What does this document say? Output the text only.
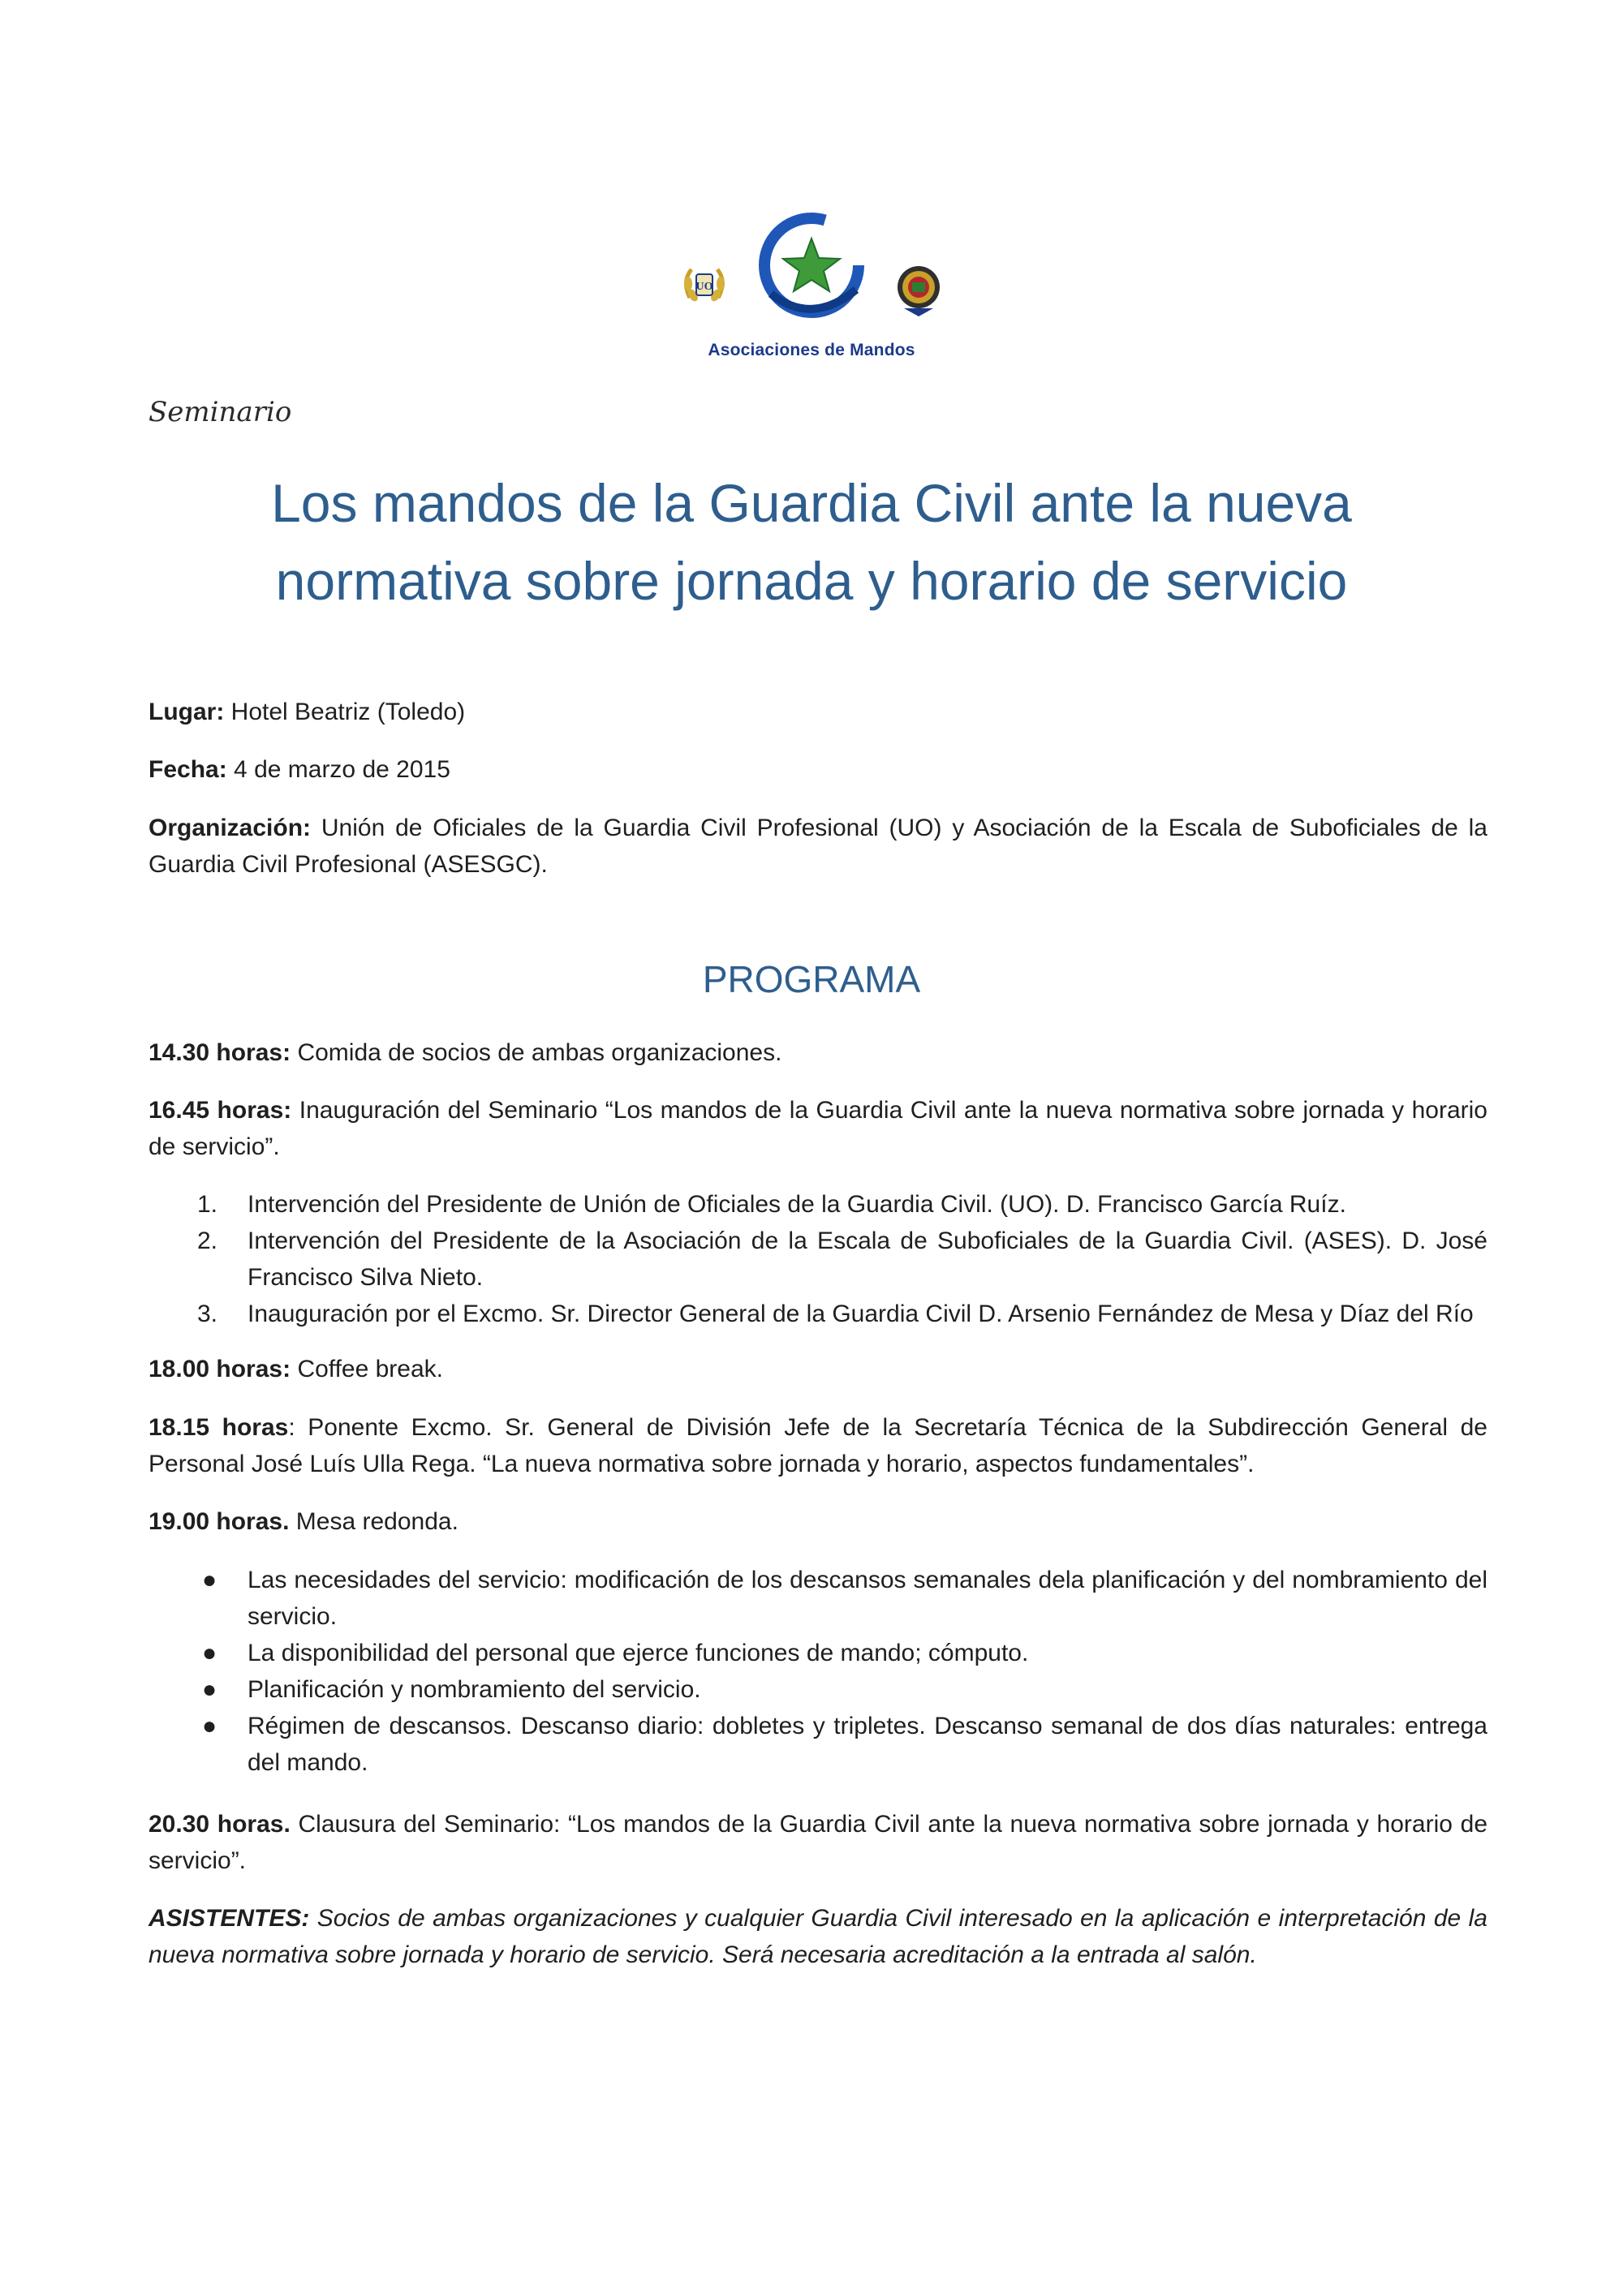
UO
Asociaciones de Mandos
Seminario
Los mandos de la Guardia Civil ante la nueva
normativa sobre jornada y horario de servicio

Lugar: Hotel Beatriz (Toledo)

Fecha: 4 de marzo de 2015

Organización: Unión de Oficiales de la Guardia Civil Profesional (UO) y Asociación de la Escala de Suboficiales de la Guardia Civil Profesional (ASESGC).

PROGRAMA

14.30 horas: Comida de socios de ambas organizaciones.

16.45 horas: Inauguración del Seminario “Los mandos de la Guardia Civil ante la nueva normativa sobre jornada y horario de servicio”.

1. Intervención del Presidente de Unión de Oficiales de la Guardia Civil. (UO). D. Francisco García Ruíz.
2. Intervención del Presidente de la Asociación de la Escala de Suboficiales de la Guardia Civil. (ASES). D. José Francisco Silva Nieto.
3. Inauguración por el Excmo. Sr. Director General de la Guardia Civil D. Arsenio Fernández de Mesa y Díaz del Río

18.00 horas: Coffee break.

18.15 horas: Ponente Excmo. Sr. General de División Jefe de la Secretaría Técnica de la Subdirección General de Personal José Luís Ulla Rega. “La nueva normativa sobre jornada y horario, aspectos fundamentales”.

19.00 horas. Mesa redonda.

● Las necesidades del servicio: modificación de los descansos semanales dela planificación y del nombramiento del servicio.
● La disponibilidad del personal que ejerce funciones de mando; cómputo.
● Planificación y nombramiento del servicio.
● Régimen de descansos. Descanso diario: dobletes y tripletes. Descanso semanal de dos días naturales: entrega del mando.

20.30 horas. Clausura del Seminario: “Los mandos de la Guardia Civil ante la nueva normativa sobre jornada y horario de servicio”.

ASISTENTES: Socios de ambas organizaciones y cualquier Guardia Civil interesado en la aplicación e interpretación de la nueva normativa sobre jornada y horario de servicio. Será necesaria acreditación a la entrada al salón.
